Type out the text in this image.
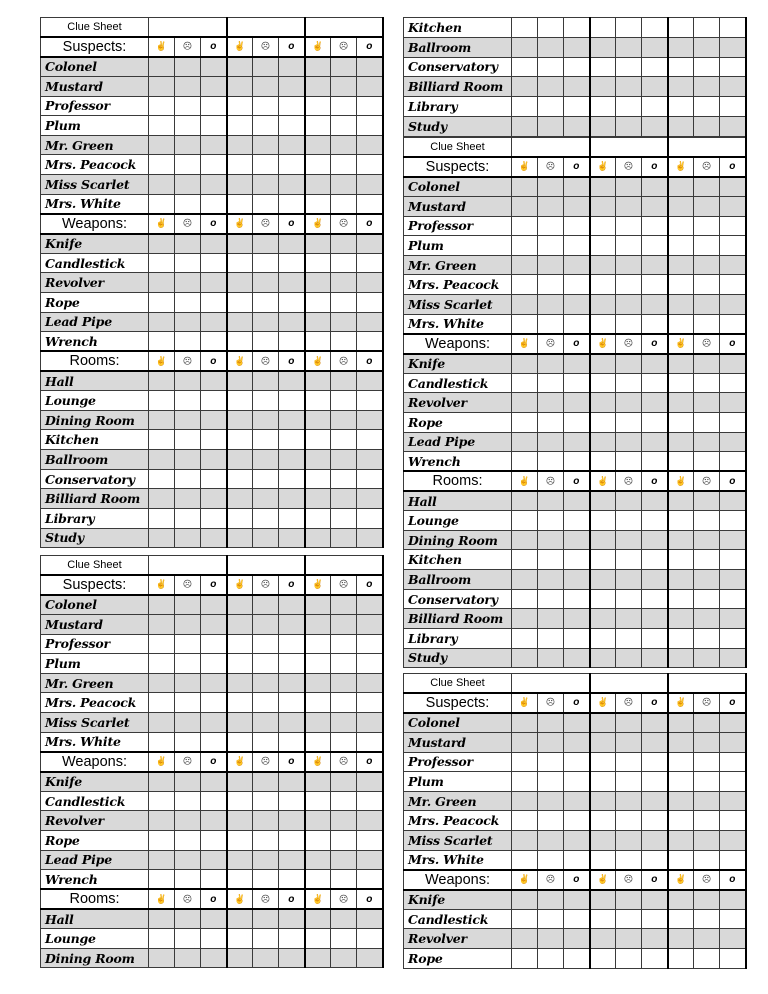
Clue Sheet									
Suspects:	✌	☹	o	✌	☹	o	✌	☹	o
Colonel									
Mustard									
Professor									
Plum									
Mr. Green									
Mrs. Peacock									
Miss Scarlet									
Mrs. White									
Weapons:	✌	☹	o	✌	☹	o	✌	☹	o
Knife									
Candlestick									
Revolver									
Rope									
Lead Pipe									
Wrench									
Rooms:	✌	☹	o	✌	☹	o	✌	☹	o
Hall									
Lounge									
Dining Room									
Kitchen									
Ballroom									
Conservatory									
Billiard Room									
Library									
Study									
Kitchen									
Ballroom									
Conservatory									
Billiard Room									
Library									
Study									
Clue Sheet									
Suspects:	✌	☹	o	✌	☹	o	✌	☹	o
Colonel									
Mustard									
Professor									
Plum									
Mr. Green									
Mrs. Peacock									
Miss Scarlet									
Mrs. White									
Weapons:	✌	☹	o	✌	☹	o	✌	☹	o
Knife									
Candlestick									
Revolver									
Rope									
Lead Pipe									
Wrench									
Rooms:	✌	☹	o	✌	☹	o	✌	☹	o
Hall									
Lounge									
Dining Room									
Kitchen									
Ballroom									
Conservatory									
Billiard Room									
Library									
Study									
Clue Sheet									
Suspects:	✌	☹	o	✌	☹	o	✌	☹	o
Colonel									
Mustard									
Professor									
Plum									
Mr. Green									
Mrs. Peacock									
Miss Scarlet									
Mrs. White									
Weapons:	✌	☹	o	✌	☹	o	✌	☹	o
Knife									
Candlestick									
Revolver									
Rope									
Lead Pipe									
Wrench									
Rooms:	✌	☹	o	✌	☹	o	✌	☹	o
Hall									
Lounge									
Dining Room									
Clue Sheet									
Suspects:	✌	☹	o	✌	☹	o	✌	☹	o
Colonel									
Mustard									
Professor									
Plum									
Mr. Green									
Mrs. Peacock									
Miss Scarlet									
Mrs. White									
Weapons:	✌	☹	o	✌	☹	o	✌	☹	o
Knife									
Candlestick									
Revolver									
Rope									
